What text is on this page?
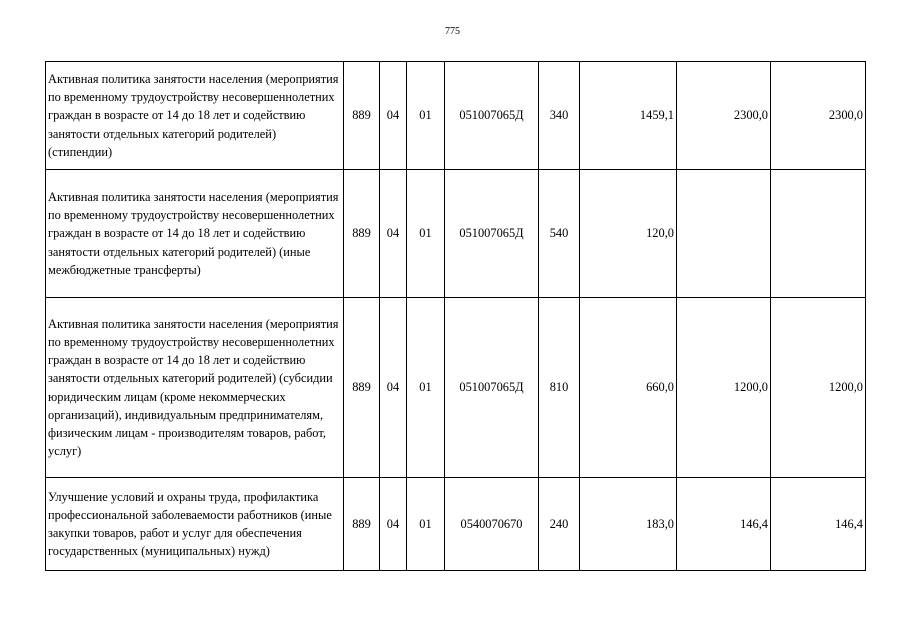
775
Активная политика занятости населения (мероприятия по временному трудоустройству несовершеннолетних граждан в возрасте от 14 до 18 лет и содействию занятости отдельных категорий родителей) (стипендии)	889	04	01	051007065Д	340	1459,1	2300,0	2300,0
Активная политика занятости населения (мероприятия по временному трудоустройству несовершеннолетних граждан в возрасте от 14 до 18 лет и содействию занятости отдельных категорий родителей) (иные межбюджетные трансферты)	889	04	01	051007065Д	540	120,0		
Активная политика занятости населения (мероприятия по временному трудоустройству несовершеннолетних граждан в возрасте от 14 до 18 лет и содействию занятости отдельных категорий родителей) (субсидии юридическим лицам (кроме некоммерческих организаций), индивидуальным предпринимателям, физическим лицам - производителям товаров, работ, услуг)	889	04	01	051007065Д	810	660,0	1200,0	1200,0
Улучшение условий и охраны труда, профилактика профессиональной заболеваемости работников (иные закупки товаров, работ и услуг для обеспечения государственных (муниципальных) нужд)	889	04	01	0540070670	240	183,0	146,4	146,4
